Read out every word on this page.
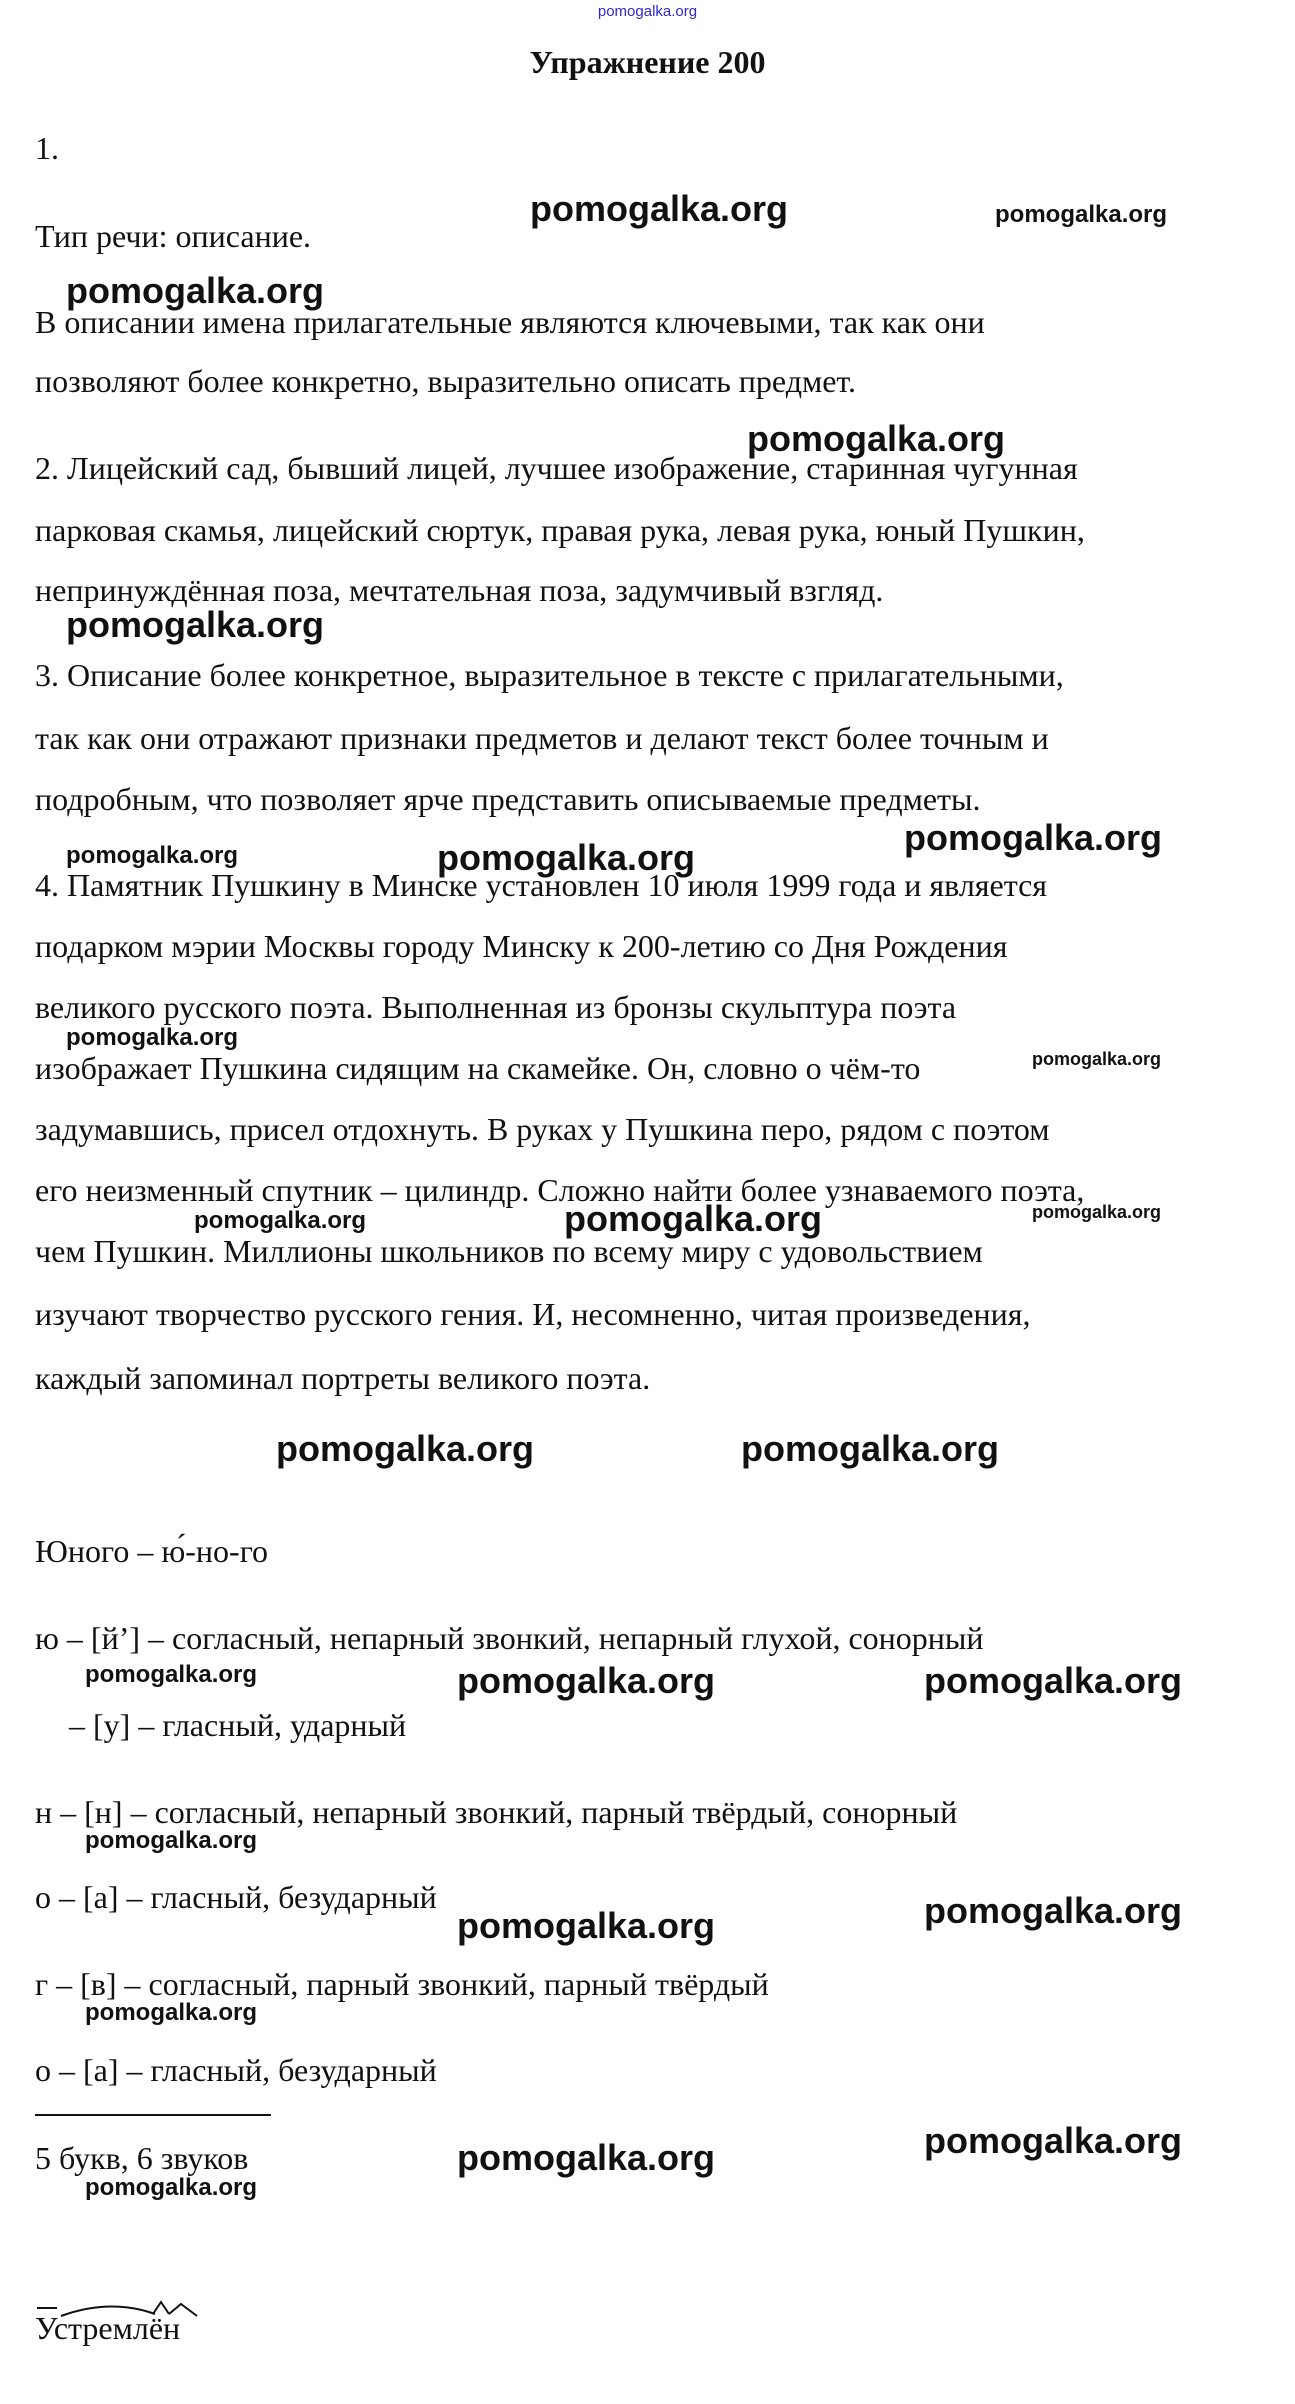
pomogalka.org
Упражнение 200
1.
Тип речи: описание.
В описании имена прилагательные являются ключевыми, так как они
позволяют более конкретно, выразительно описать предмет.
2. Лицейский сад, бывший лицей, лучшее изображение, старинная чугунная
парковая скамья, лицейский сюртук, правая рука, левая рука, юный Пушкин,
непринуждённая поза, мечтательная поза, задумчивый взгляд.
3. Описание более конкретное, выразительное в тексте с прилагательными,
так как они отражают признаки предметов и делают текст более точным и
подробным, что позволяет ярче представить описываемые предметы.
4. Памятник Пушкину в Минске установлен 10 июля 1999 года и является
подарком мэрии Москвы городу Минску к 200-летию со Дня Рождения
великого русского поэта. Выполненная из бронзы скульптура поэта
изображает Пушкина сидящим на скамейке. Он, словно о чём-то
задумавшись, присел отдохнуть. В руках у Пушкина перо, рядом с поэтом
его неизменный спутник – цилиндр. Сложно найти более узнаваемого поэта,
чем Пушкин. Миллионы школьников по всему миру с удовольствием
изучают творчество русского гения. И, несомненно, читая произведения,
каждый запоминал портреты великого поэта.
Юного – ю́-но-го
ю – [й’] – согласный, непарный звонкий, непарный глухой, сонорный
– [у] – гласный, ударный
н – [н] – согласный, непарный звонкий, парный твёрдый, сонорный
о – [а] – гласный, безударный
г – [в] – согласный, парный звонкий, парный твёрдый
о – [а] – гласный, безударный
5 букв, 6 звуков
Устремлён
pomogalka.org	pomogalka.org
pomogalka.org
pomogalka.org
pomogalka.org
pomogalka.org	pomogalka.org	pomogalka.org
pomogalka.org
pomogalka.org
pomogalka.org	pomogalka.org	pomogalka.org
pomogalka.org	pomogalka.org
pomogalka.org	pomogalka.org	pomogalka.org
pomogalka.org
pomogalka.org
pomogalka.org
pomogalka.org
pomogalka.org
pomogalka.org	pomogalka.org
